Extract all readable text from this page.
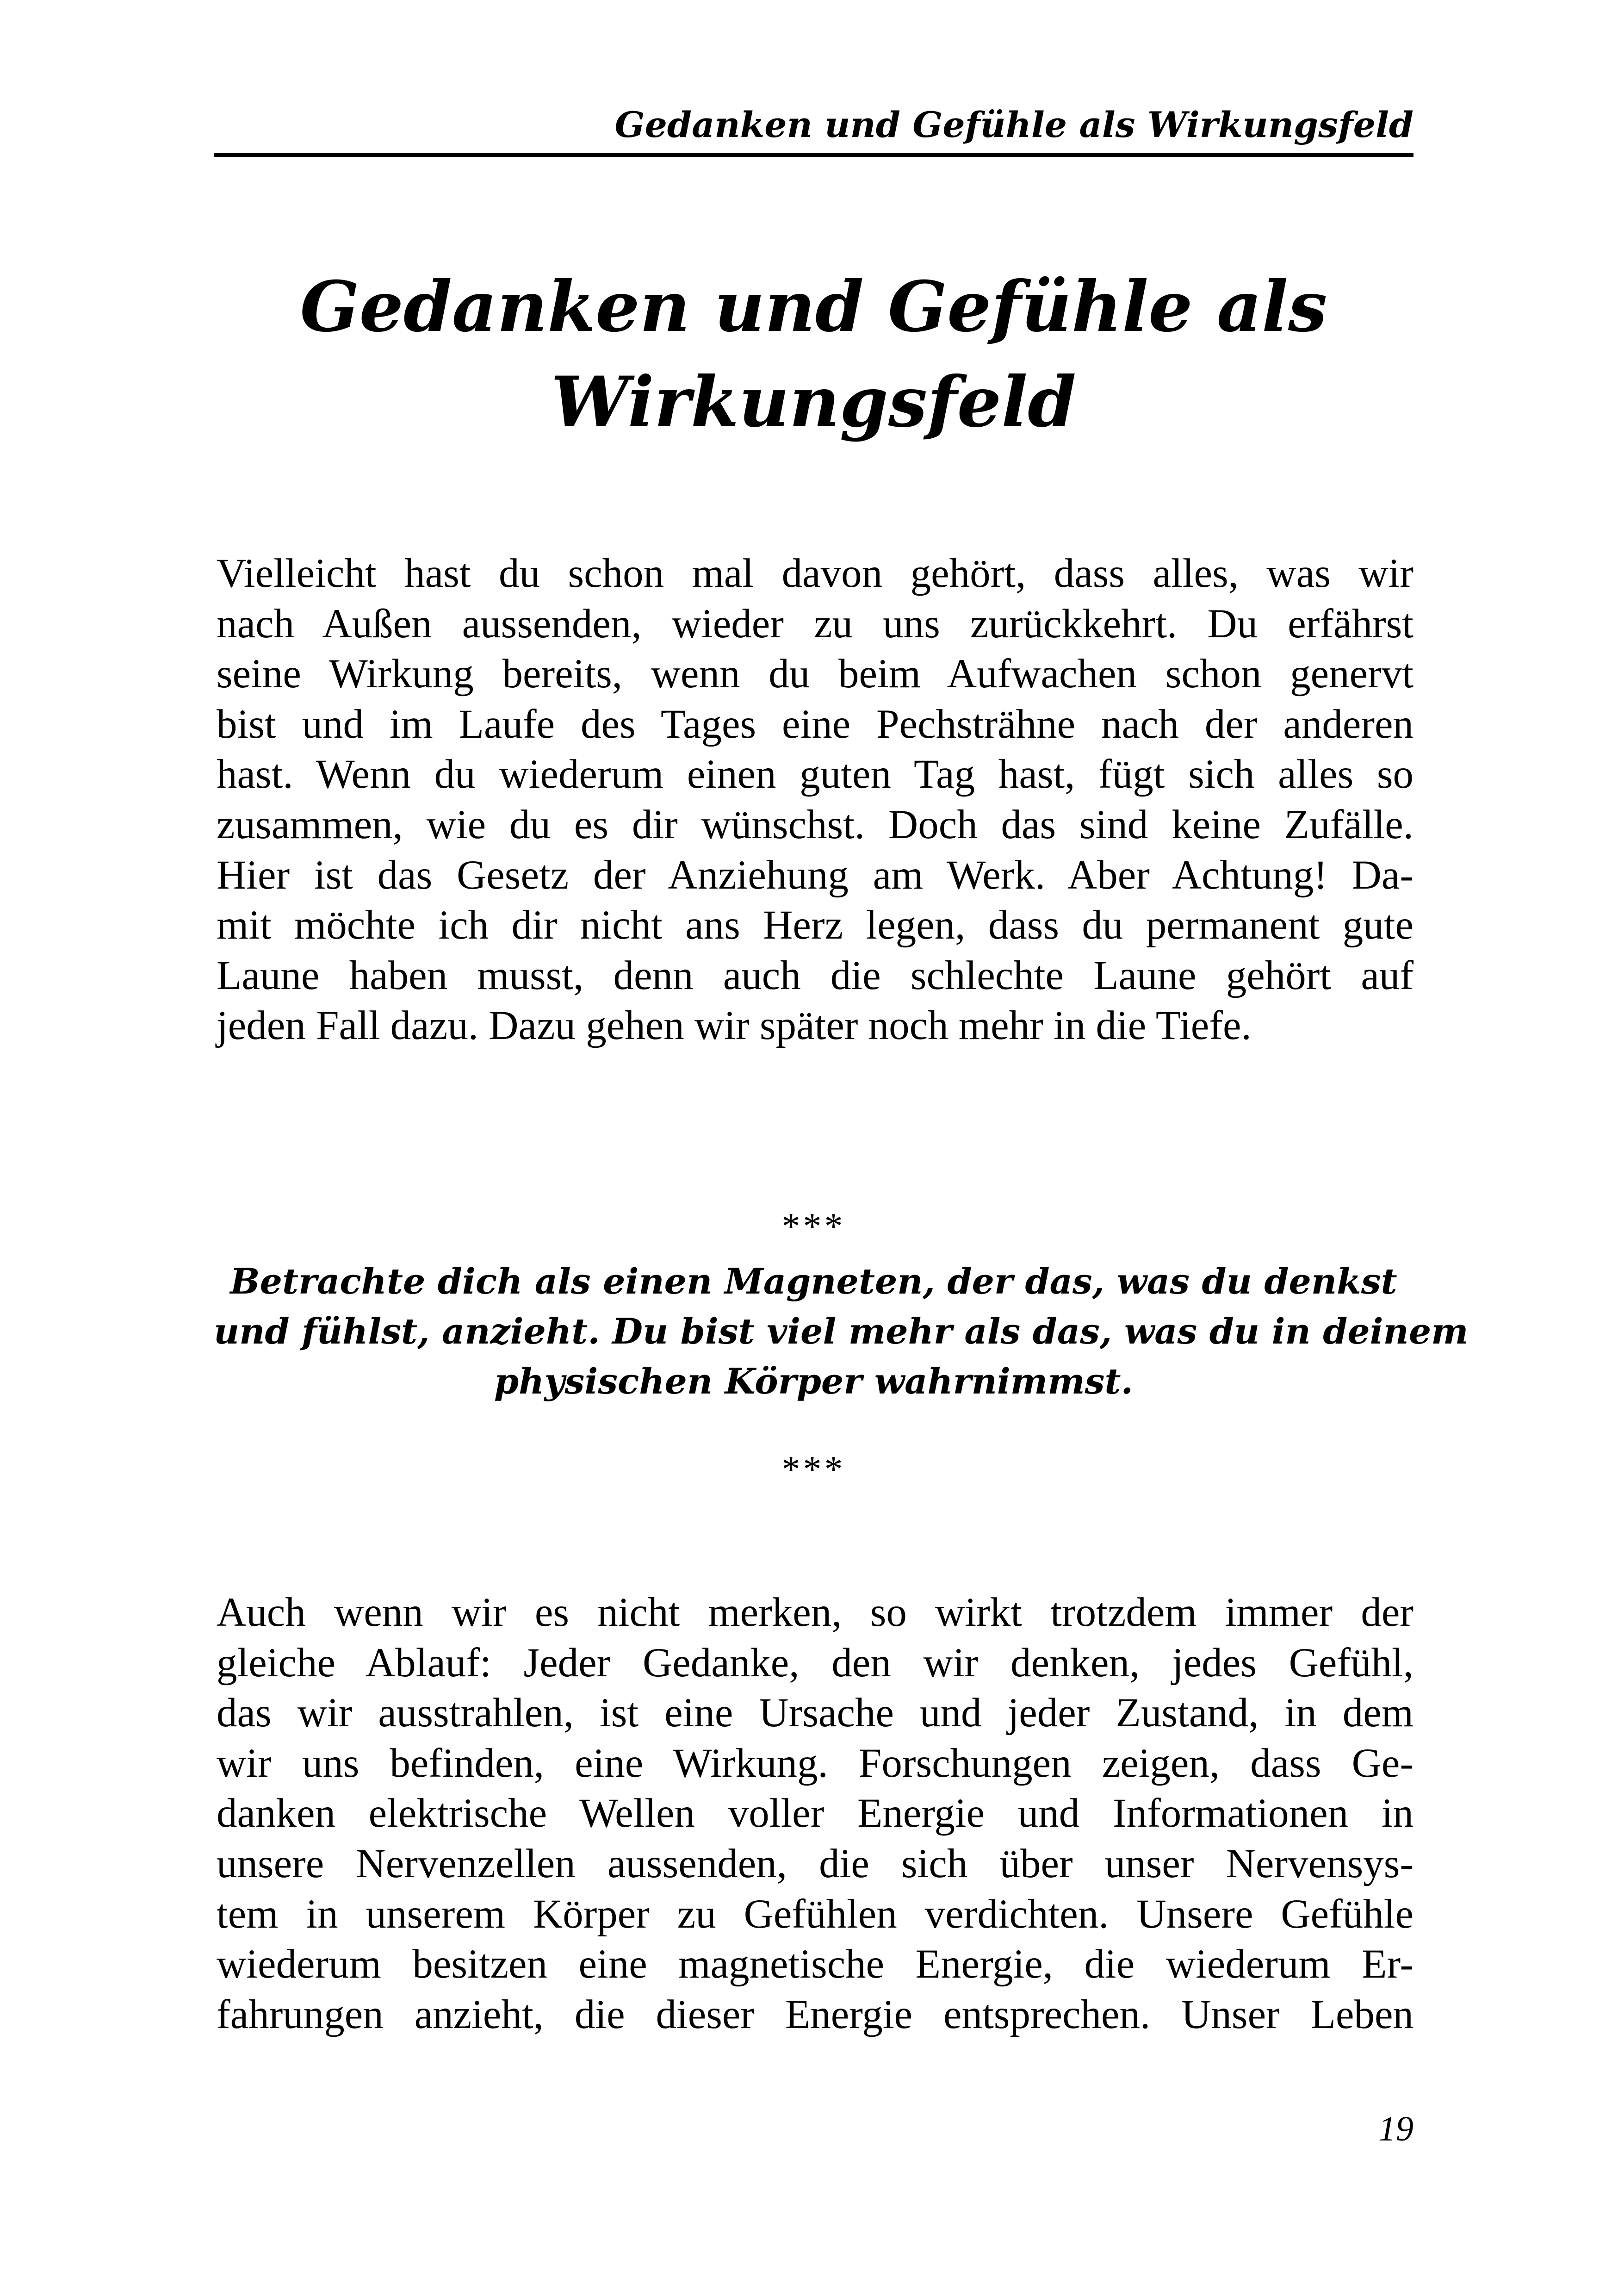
Gedanken und Gefühle als Wirkungsfeld
Gedanken und Gefühle als
Wirkungsfeld

Vielleicht hast du schon mal davon gehört, dass alles, was wir
nach Außen aussenden, wieder zu uns zurückkehrt. Du erfährst
seine Wirkung bereits, wenn du beim Aufwachen schon genervt
bist und im Laufe des Tages eine Pechsträhne nach der anderen
hast. Wenn du wiederum einen guten Tag hast, fügt sich alles so
zusammen, wie du es dir wünschst. Doch das sind keine Zufälle.
Hier ist das Gesetz der Anziehung am Werk. Aber Achtung! Da-
mit möchte ich dir nicht ans Herz legen, dass du permanent gute
Laune haben musst, denn auch die schlechte Laune gehört auf
jeden Fall dazu. Dazu gehen wir später noch mehr in die Tiefe.

***

Betrachte dich als einen Magneten, der das, was du denkst
und fühlst, anzieht. Du bist viel mehr als das, was du in deinem
physischen Körper wahrnimmst.

***

Auch wenn wir es nicht merken, so wirkt trotzdem immer der
gleiche Ablauf: Jeder Gedanke, den wir denken, jedes Gefühl,
das wir ausstrahlen, ist eine Ursache und jeder Zustand, in dem
wir uns befinden, eine Wirkung. Forschungen zeigen, dass Ge-
danken elektrische Wellen voller Energie und Informationen in
unsere Nervenzellen aussenden, die sich über unser Nervensys-
tem in unserem Körper zu Gefühlen verdichten. Unsere Gefühle
wiederum besitzen eine magnetische Energie, die wiederum Er-
fahrungen anzieht, die dieser Energie entsprechen. Unser Leben

19
